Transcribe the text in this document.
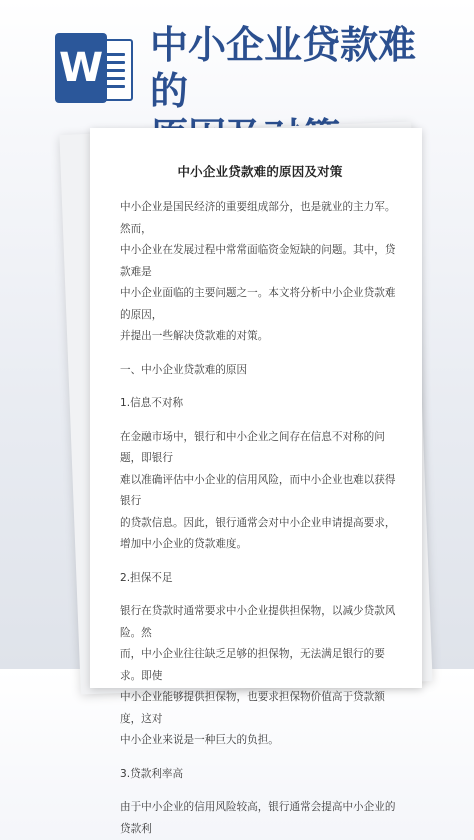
W 中小企业贷款难的
中小企业贷款难的原因及对策
中小企业是国民经济的重要组成部分，也是就业的主力军。然而，
中小企业在发展过程中常常面临资金短缺的问题。其中，贷款难是
中小企业面临的主要问题之一。本文将分析中小企业贷款难的原因，
并提出一些解决贷款难的对策。
一、中小企业贷款难的原因
1.信息不对称
在金融市场中，银行和中小企业之间存在信息不对称的问题，即银行
难以准确评估中小企业的信用风险，而中小企业也难以获得银行
的贷款信息。因此，银行通常会对中小企业申请提高要求，
增加中小企业的贷款难度。
2.担保不足
银行在贷款时通常要求中小企业提供担保物，以减少贷款风险。然
而，中小企业往往缺乏足够的担保物，无法满足银行的要求。即使
中小企业能够提供担保物，也要求担保物价值高于贷款额度，这对
中小企业来说是一种巨大的负担。
3.贷款利率高
由于中小企业的信用风险较高，银行通常会提高中小企业的贷款利
